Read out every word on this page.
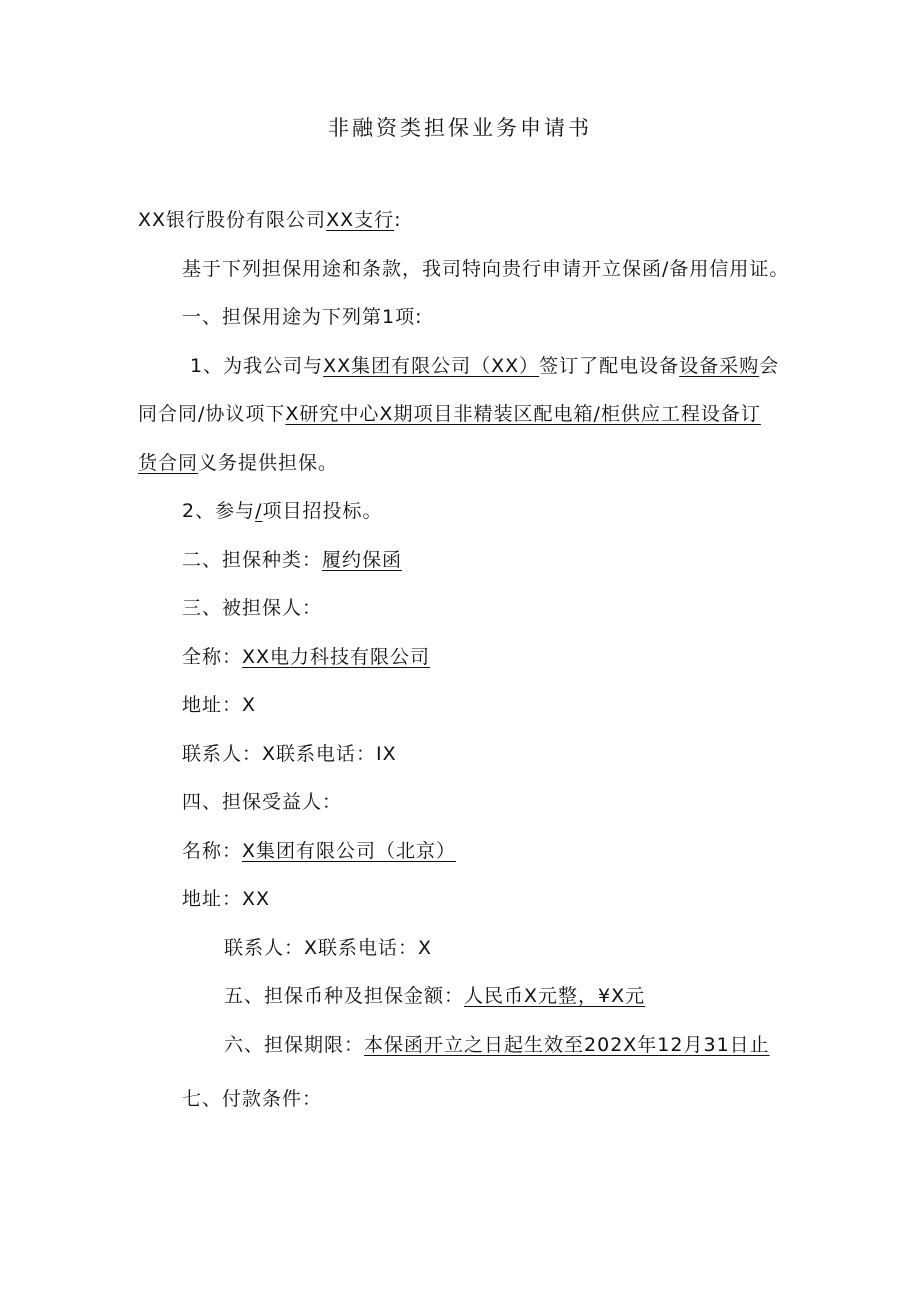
非融资类担保业务申请书
XX银行股份有限公司XX支行:
基于下列担保用途和条款，我司特向贵行申请开立保函/备用信用证。
一、担保用途为下列第1项:
1、为我公司与XX集团有限公司（XX）签订了配电设备设备采购会
同合同/协议项下X研究中心X期项目非精装区配电箱/柜供应工程设备订
货合同义务提供担保。
2、参与/项目招投标。
二、担保种类：履约保函
三、被担保人：
全称：XX电力科技有限公司
地址：X
联系人：X联系电话：IX
四、担保受益人：
名称：X集团有限公司（北京）
地址：XX
联系人：X联系电话：X
五、担保币种及担保金额：人民币X元整，¥X元
六、担保期限：本保函开立之日起生效至202X年12月31日止
七、付款条件：
